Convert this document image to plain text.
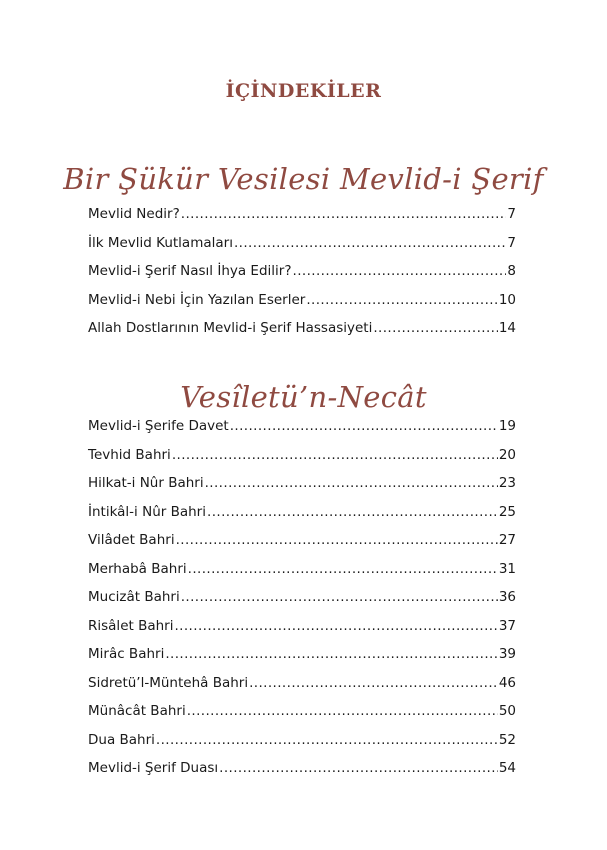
İÇİNDEKİLER
Bir Şükür Vesilesi Mevlid-i Şerif
Mevlid Nedir? .....	7
İlk Mevlid Kutlamaları .....	7
Mevlid-i Şerif Nasıl İhya Edilir? .....	8
Mevlid-i Nebi İçin Yazılan Eserler .....	10
Allah Dostlarının Mevlid-i Şerif Hassasiyeti .....	14
Vesîletü’n-Necât
Mevlid-i Şerife Davet .....	19
Tevhid Bahri .....	20
Hilkat-i Nûr Bahri .....	23
İntikâl-i Nûr Bahri .....	25
Vilâdet Bahri .....	27
Merhabâ Bahri .....	31
Mucizât Bahri .....	36
Risâlet Bahri .....	37
Mirâc Bahri .....	39
Sidretü’l-Müntehâ Bahri .....	46
Münâcât Bahri .....	50
Dua Bahri .....	52
Mevlid-i Şerif Duası .....	54
